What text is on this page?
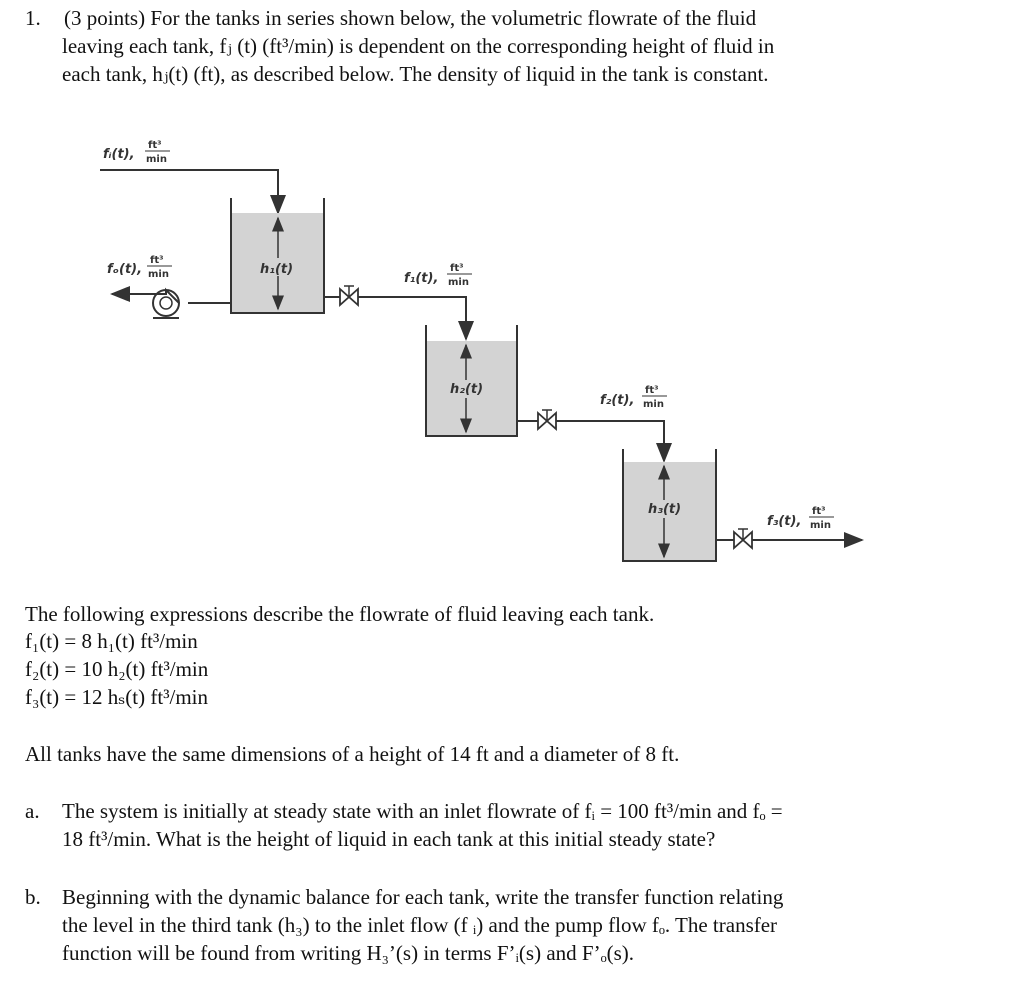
1. (3 points) For the tanks in series shown below, the volumetric flowrate of the fluid

leaving each tank, fⱼ (t) (ft³/min) is dependent on the corresponding height of fluid in

each tank, hⱼ(t) (ft), as described below. The density of liquid in the tank is constant.

fᵢ(t),
ft³
min
fₒ(t),
ft³
min	f₁(t),
ft³
min
f₂(t),
ft³
min
f₃(t),
ft³
min
h₁(t)
h₂(t)
h₃(t)

The following expressions describe the flowrate of fluid leaving each tank.

f₁(t) = 8 h₁(t) ft³/min

f₂(t) = 10 h₂(t) ft³/min

f₃(t) = 12 hₛ(t) ft³/min

All tanks have the same dimensions of a height of 14 ft and a diameter of 8 ft.

a. The system is initially at steady state with an inlet flowrate of fᵢ = 100 ft³/min and fₒ =

18 ft³/min. What is the height of liquid in each tank at this initial steady state?

b. Beginning with the dynamic balance for each tank, write the transfer function relating

the level in the third tank (h₃) to the inlet flow (f ᵢ) and the pump flow fₒ. The transfer

function will be found from writing H₃’(s) in terms F’ᵢ(s) and F’ₒ(s).
